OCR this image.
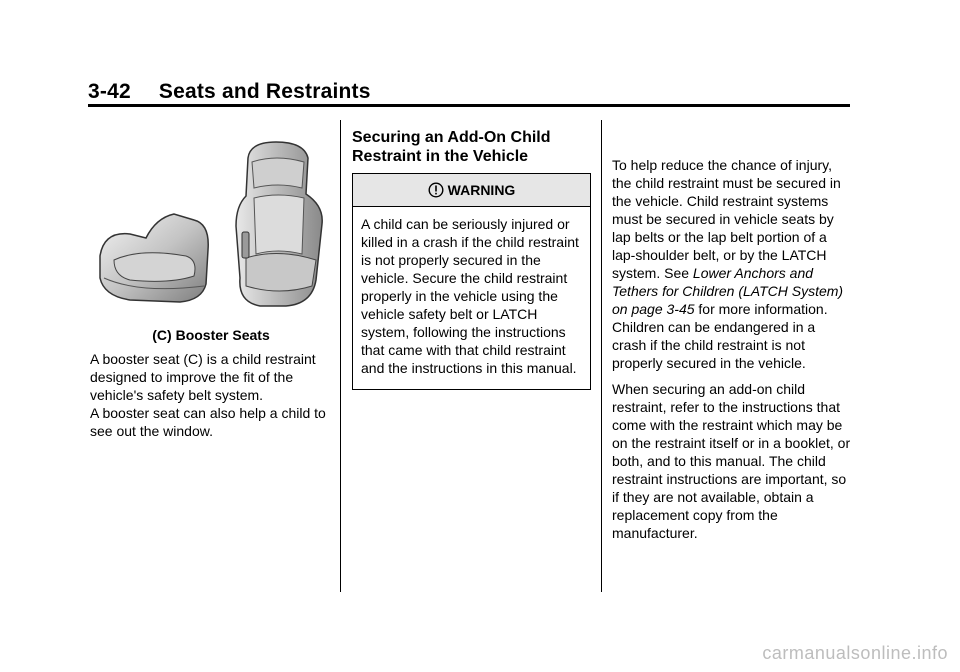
3-42 Seats and Restraints
(C) Booster Seats

A booster seat (C) is a child restraint designed to improve the fit of the vehicle's safety belt system.

A booster seat can also help a child to see out the window.

Securing an Add-On Child Restraint in the Vehicle
WARNING
A child can be seriously injured or killed in a crash if the child restraint is not properly secured in the vehicle. Secure the child restraint properly in the vehicle using the vehicle safety belt or LATCH system, following the instructions that came with that child restraint and the instructions in this manual.

To help reduce the chance of injury, the child restraint must be secured in the vehicle. Child restraint systems must be secured in vehicle seats by lap belts or the lap belt portion of a lap-shoulder belt, or by the LATCH system. See Lower Anchors and Tethers for Children (LATCH System) on page 3-45 for more information. Children can be endangered in a crash if the child restraint is not properly secured in the vehicle.

When securing an add-on child restraint, refer to the instructions that come with the restraint which may be on the restraint itself or in a booklet, or both, and to this manual. The child restraint instructions are important, so if they are not available, obtain a replacement copy from the manufacturer.

carmanualsonline.info
